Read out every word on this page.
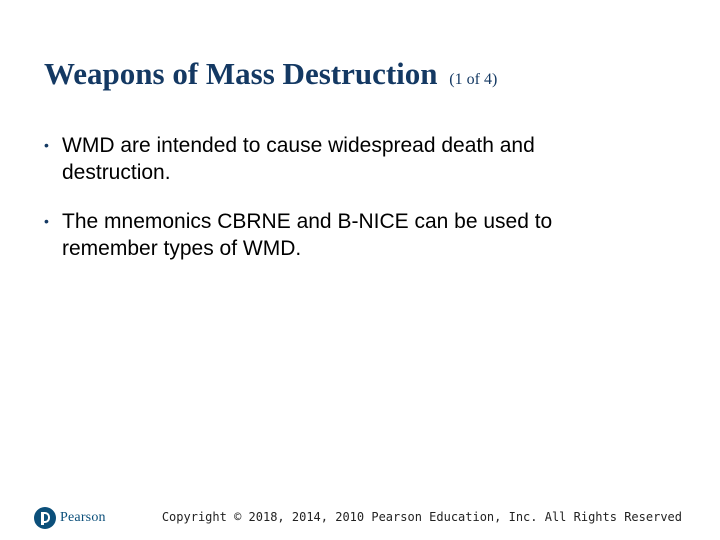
Weapons of Mass Destruction (1 of 4)
• WMD are intended to cause widespread death and destruction.
• The mnemonics CBRNE and B-NICE can be used to remember types of WMD.
Pearson	Copyright © 2018, 2014, 2010 Pearson Education, Inc. All Rights Reserved
